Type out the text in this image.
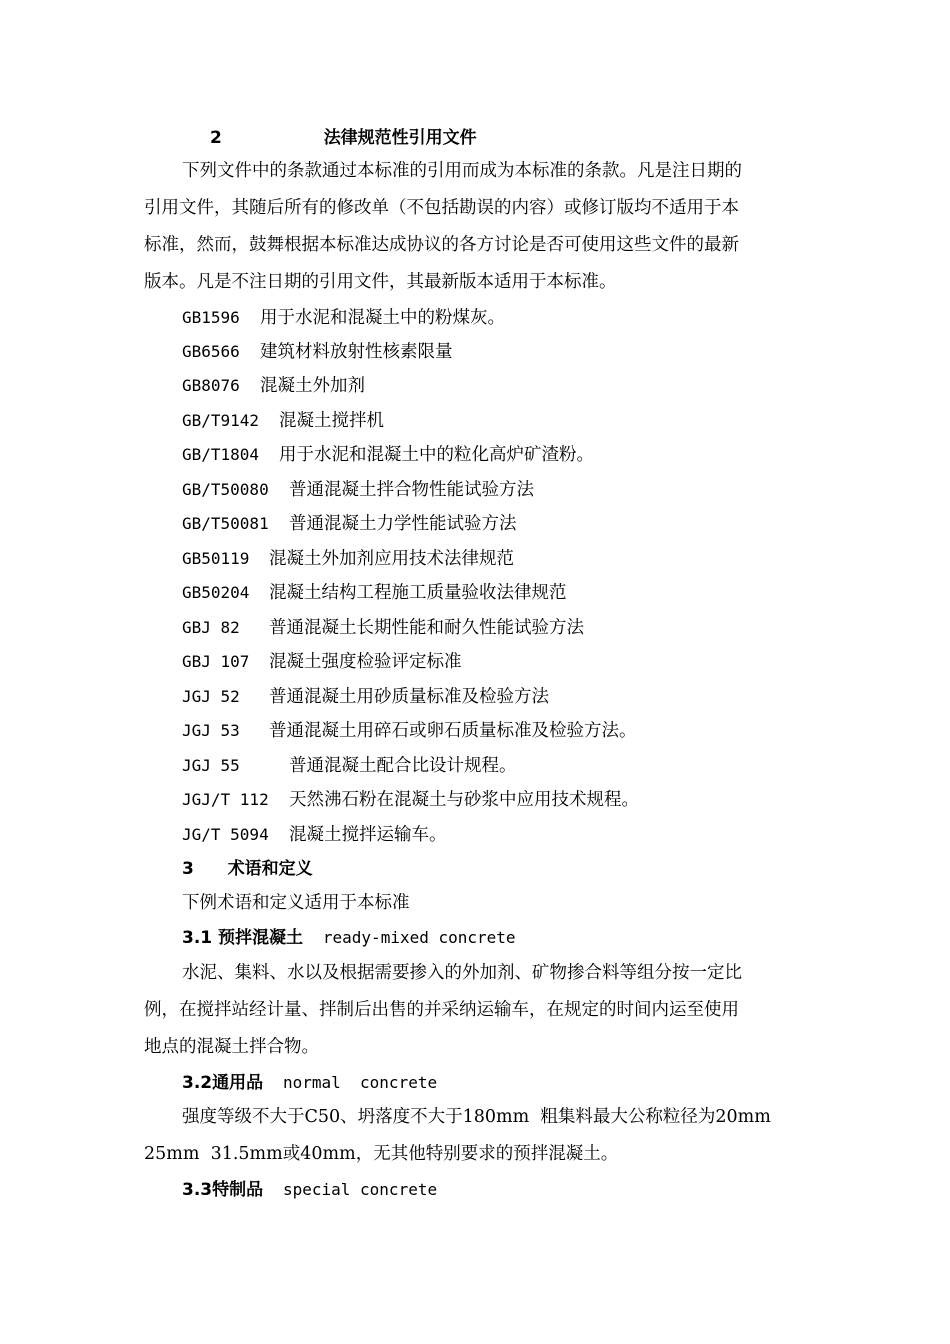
2	法律规范性引用文件
下列文件中的条款通过本标准的引用而成为本标准的条款。凡是注日期的
引用文件，其随后所有的修改单（不包括勘误的内容）或修订版均不适用于本
标准，然而，鼓舞根据本标准达成协议的各方讨论是否可使用这些文件的最新
版本。凡是不注日期的引用文件，其最新版本适用于本标准。
GB1596 用于水泥和混凝土中的粉煤灰。
GB6566 建筑材料放射性核素限量
GB8076 混凝土外加剂
GB/T9142 混凝土搅拌机
GB/T1804 用于水泥和混凝土中的粒化高炉矿渣粉。
GB/T50080 普通混凝土拌合物性能试验方法
GB/T50081 普通混凝土力学性能试验方法
GB50119 混凝土外加剂应用技术法律规范
GB50204 混凝土结构工程施工质量验收法律规范
GBJ 82 普通混凝土长期性能和耐久性能试验方法
GBJ 107 混凝土强度检验评定标准
JGJ 52 普通混凝土用砂质量标准及检验方法
JGJ 53 普通混凝土用碎石或卵石质量标准及检验方法。
JGJ 55	普通混凝土配合比设计规程。
JGJ/T 112 天然沸石粉在混凝土与砂浆中应用技术规程。
JG/T 5094 混凝土搅拌运输车。
3 术语和定义
下例术语和定义适用于本标准
3.1 预拌混凝土 ready-mixed concrete
水泥、集料、水以及根据需要掺入的外加剂、矿物掺合料等组分按一定比
例，在搅拌站经计量、拌制后出售的并采纳运输车，在规定的时间内运至使用
地点的混凝土拌合物。
3.2通用品 normal  concrete
强度等级不大于C50、坍落度不大于180mm  粗集料最大公称粒径为20mm
25mm  31.5mm或40mm，无其他特别要求的预拌混凝土。
3.3特制品 special concrete
